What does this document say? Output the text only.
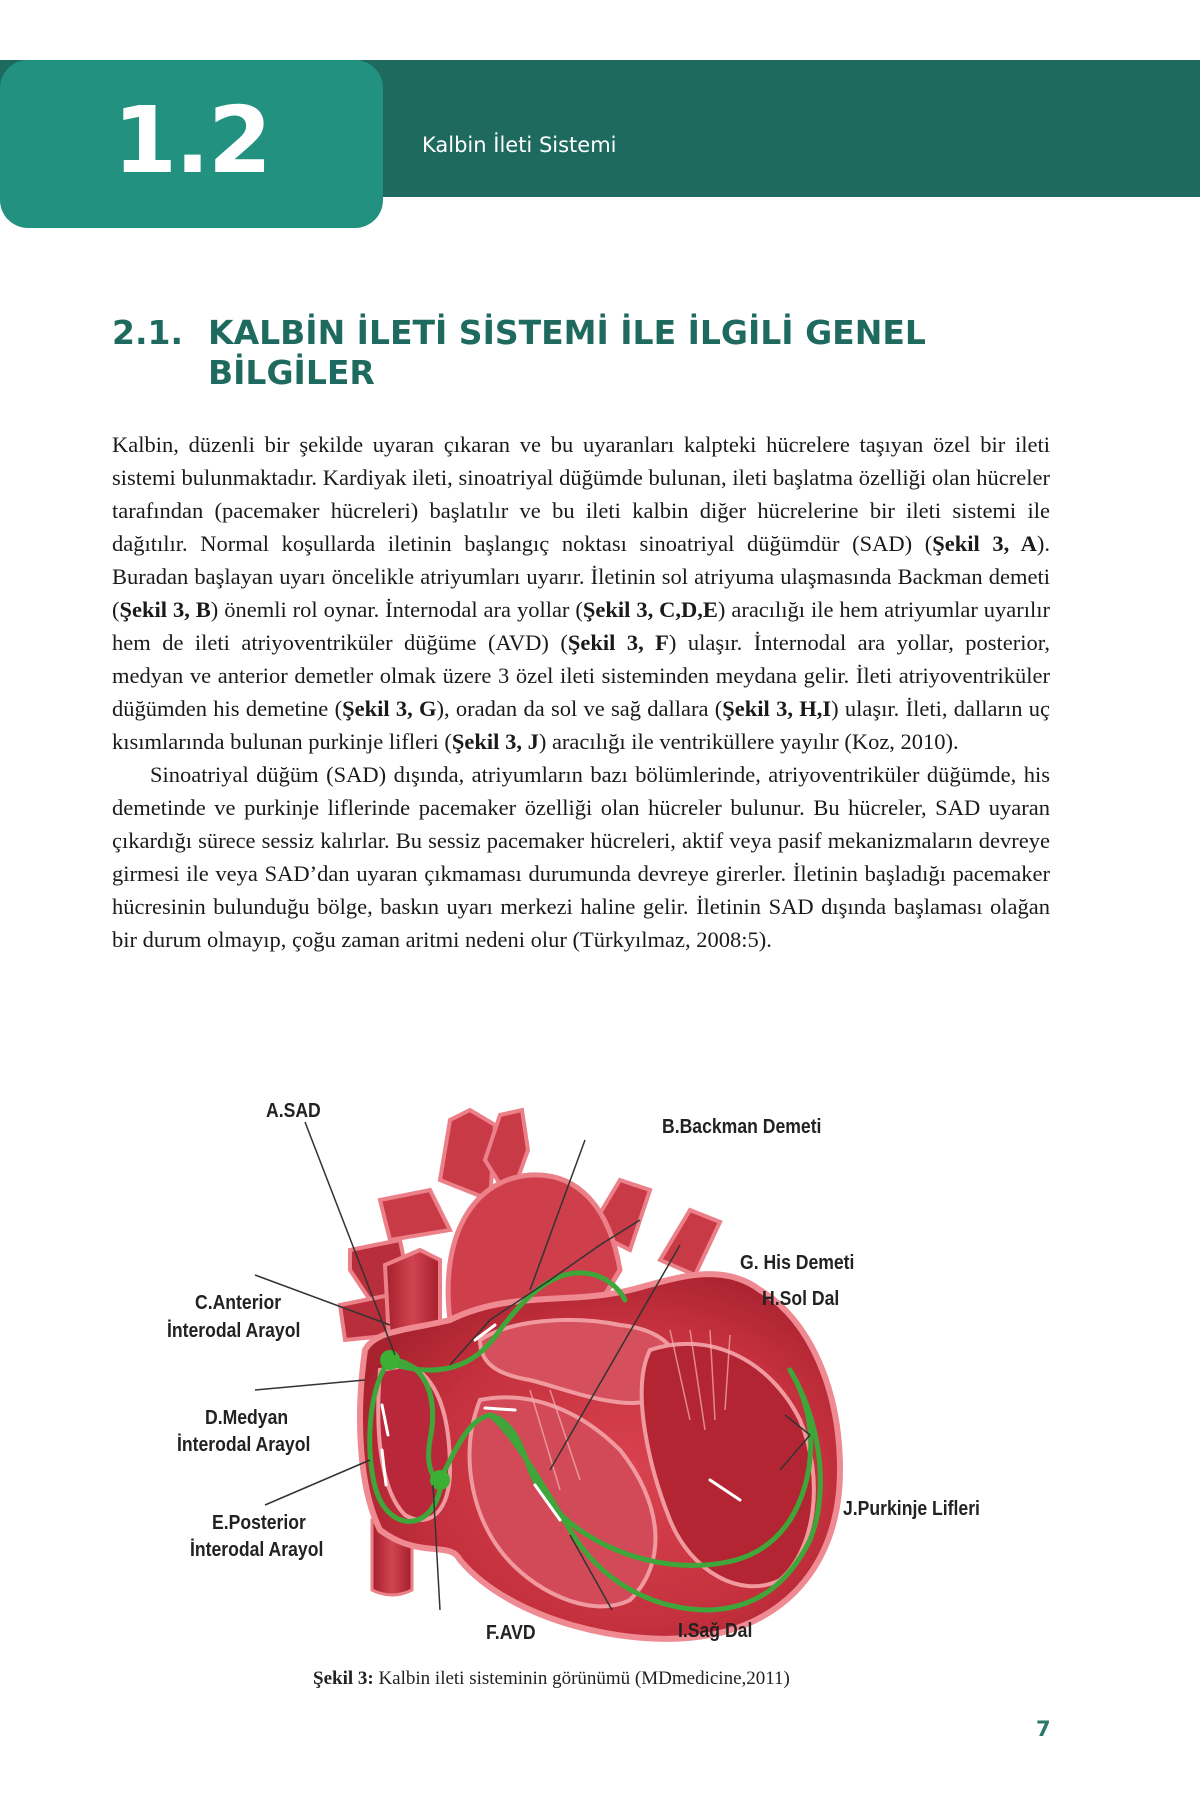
1.2	Kalbin İleti Sistemi
2.1. KALBİN İLETİ SİSTEMİ İLE İLGİLİ GENEL BİLGİLER

Kalbin, düzenli bir şekilde uyaran çıkaran ve bu uyaranları kalpteki hücrelere taşıyan özel bir ileti sistemi bulunmaktadır. Kardiyak ileti, sinoatriyal düğümde bulunan, ileti başlatma özelliği olan hücreler tarafından (pacemaker hücreleri) başlatılır ve bu ileti kalbin diğer hücrelerine bir ileti sistemi ile dağıtılır. Normal koşullarda iletinin başlangıç noktası sinoatriyal düğümdür (SAD) (Şekil 3, A). Buradan başlayan uyarı öncelikle atriyumları uyarır. İletinin sol atriyuma ulaşmasında Backman demeti (Şekil 3, B) önemli rol oynar. İnternodal ara yollar (Şekil 3, C,D,E) aracılığı ile hem atriyumlar uyarılır hem de ileti atriyoventriküler düğüme (AVD) (Şekil 3, F) ulaşır. İnternodal ara yollar, posterior, medyan ve anterior demetler olmak üzere 3 özel ileti sisteminden meydana gelir. İleti atriyoventriküler düğümden his demetine (Şekil 3, G), oradan da sol ve sağ dallara (Şekil 3, H,I) ulaşır. İleti, dalların uç kısımlarında bulunan purkinje lifleri (Şekil 3, J) aracılığı ile ventriküllere yayılır (Koz, 2010).

Sinoatriyal düğüm (SAD) dışında, atriyumların bazı bölümlerinde, atriyoventriküler düğümde, his demetinde ve purkinje liflerinde pacemaker özelliği olan hücreler bulunur. Bu hücreler, SAD uyaran çıkardığı sürece sessiz kalırlar. Bu sessiz pacemaker hücreleri, aktif veya pasif mekanizmaların devreye girmesi ile veya SAD’dan uyaran çıkmaması durumunda devreye girerler. İletinin başladığı pacemaker hücresinin bulunduğu bölge, baskın uyarı merkezi haline gelir. İletinin SAD dışında başlaması olağan bir durum olmayıp, çoğu zaman aritmi nedeni olur (Türkyılmaz, 2008:5).

A.SAD
B.Backman Demeti
C.Anterior
İnterodal Arayol
D.Medyan
İnterodal Arayol
E.Posterior
İnterodal Arayol
F.AVD
G. His Demeti
H.Sol Dal
I.Sağ Dal
J.Purkinje Lifleri
Şekil 3: Kalbin ileti sisteminin görünümü (MDmedicine,2011)
7
